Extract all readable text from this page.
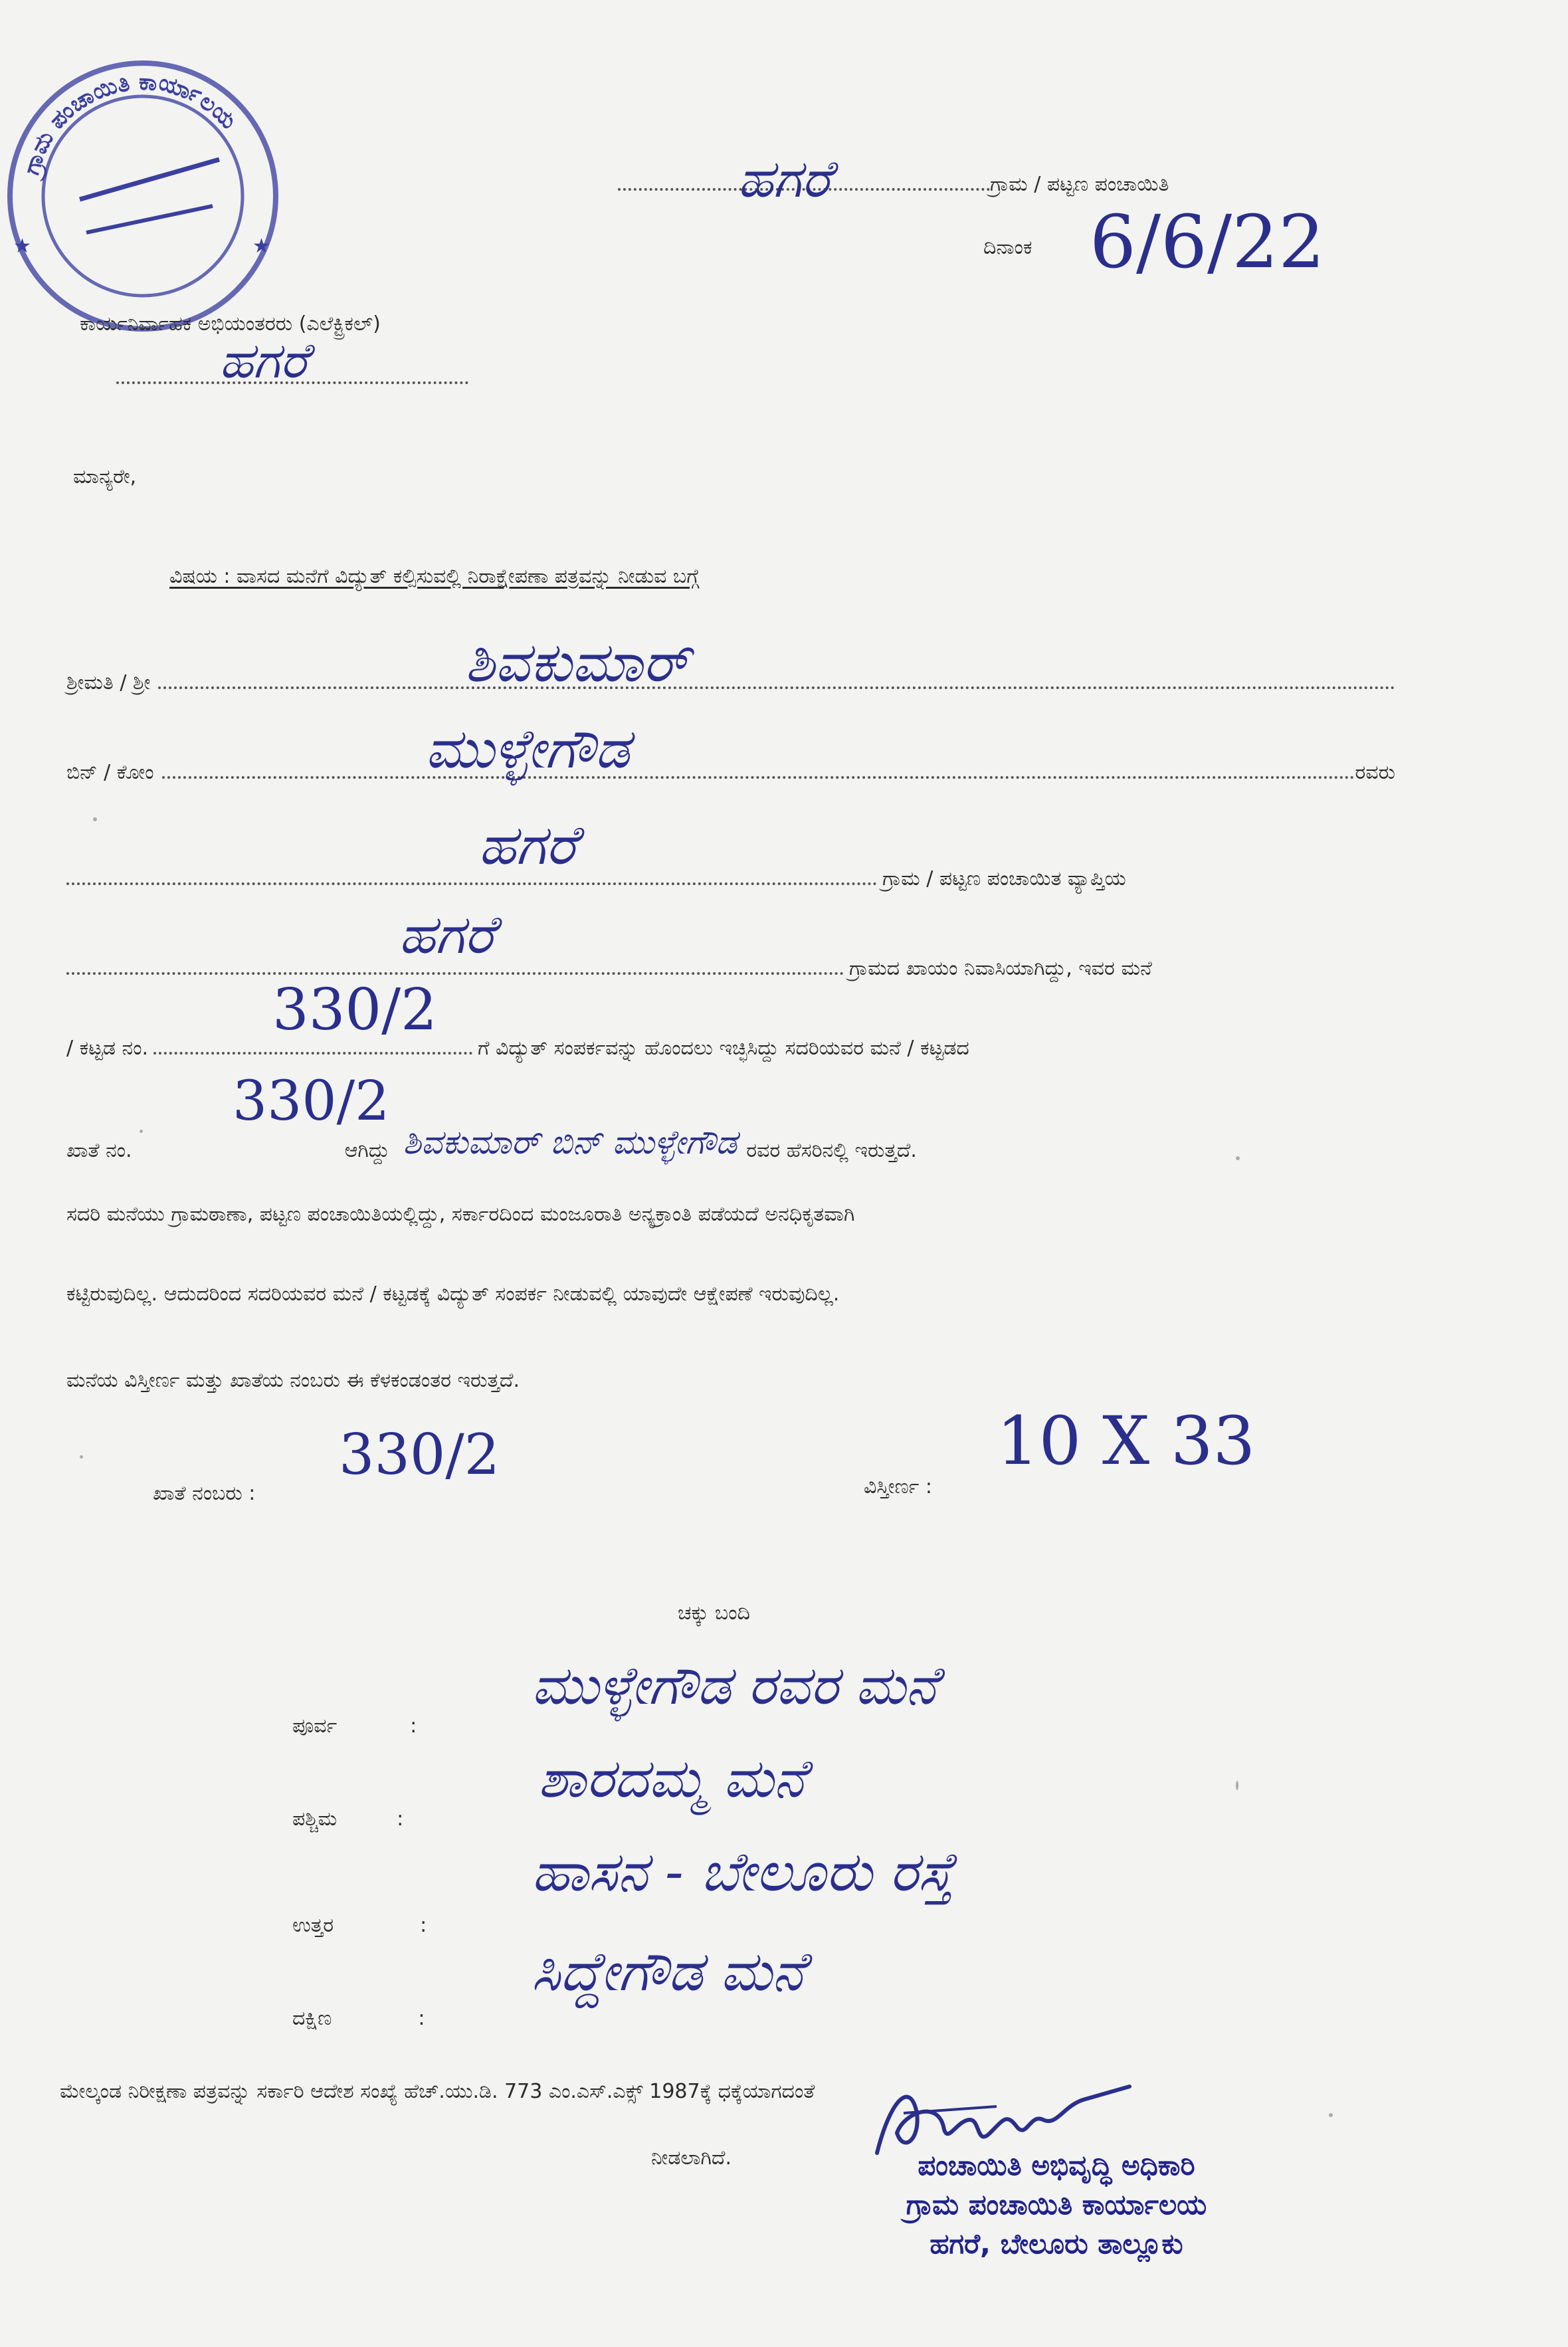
ಗ್ರಾಮ ಪಂಚಾಯಿತಿ ಕಾರ್ಯಾಲಯ
★
★
ಗ್ರಾಮ / ಪಟ್ಟಣ ಪಂಚಾಯಿತಿ
ಹಗರೆ
ದಿನಾಂಕ 6/6/22
ಕಾರ್ಯನಿರ್ವಾಹಕ ಅಭಿಯಂತರರು (ಎಲೆಕ್ಟ್ರಿಕಲ್)
ಹಗರೆ
ಮಾನ್ಯರೇ,
ವಿಷಯ : ವಾಸದ ಮನೆಗೆ ವಿದ್ಯುತ್ ಕಲ್ಪಿಸುವಲ್ಲಿ ನಿರಾಕ್ಷೇಪಣಾ ಪತ್ರವನ್ನು ನೀಡುವ ಬಗ್ಗೆ
ಶ್ರೀಮತಿ / ಶ್ರೀ	ಶಿವಕುಮಾರ್
ಬಿನ್ / ಕೋಂ	ರವರು
ಮುಳ್ಳೇಗೌಡ
ಗ್ರಾಮ / ಪಟ್ಟಣ ಪಂಚಾಯಿತ ವ್ಯಾಪ್ತಿಯ
ಹಗರೆ
ಗ್ರಾಮದ ಖಾಯಂ ನಿವಾಸಿಯಾಗಿದ್ದು, ಇವರ ಮನೆ
ಹಗರೆ
/ ಕಟ್ಟಡ ನಂ.	ಗೆ ವಿದ್ಯುತ್ ಸಂಪರ್ಕವನ್ನು ಹೊಂದಲು ಇಚ್ಛಿಸಿದ್ದು ಸದರಿಯವರ ಮನೆ / ಕಟ್ಟಡದ
330/2
ಖಾತೆ ನಂ.	ಆಗಿದ್ದು ಶಿವಕುಮಾರ್ ಬಿನ್ ಮುಳ್ಳೇಗೌಡ ರವರ ಹೆಸರಿನಲ್ಲಿ ಇರುತ್ತದೆ.
330/2
ಸದರಿ ಮನೆಯು ಗ್ರಾಮಠಾಣಾ, ಪಟ್ಟಣ ಪಂಚಾಯಿತಿಯಲ್ಲಿದ್ದು, ಸರ್ಕಾರದಿಂದ ಮಂಜೂರಾತಿ ಅನ್ಯಕ್ರಾಂತಿ ಪಡೆಯದೆ ಅನಧಿಕೃತವಾಗಿ
ಕಟ್ಟಿರುವುದಿಲ್ಲ. ಆದುದರಿಂದ ಸದರಿಯವರ ಮನೆ / ಕಟ್ಟಡಕ್ಕೆ ವಿದ್ಯುತ್ ಸಂಪರ್ಕ ನೀಡುವಲ್ಲಿ ಯಾವುದೇ ಆಕ್ಷೇಪಣೆ ಇರುವುದಿಲ್ಲ.
ಮನೆಯ ವಿಸ್ತೀರ್ಣ ಮತ್ತು ಖಾತೆಯ ನಂಬರು ಈ ಕೆಳಕಂಡಂತರ ಇರುತ್ತದೆ.
ಖಾತೆ ನಂಬರು :
330/2	ವಿಸ್ತೀರ್ಣ :
10 X 33
ಚಕ್ಕು ಬಂದಿ
ಪೂರ್ವ	:
ಮುಳ್ಳೇಗೌಡ ರವರ ಮನೆ
ಪಶ್ಚಿಮ	:
ಶಾರದಮ್ಮ ಮನೆ
ಉತ್ತರ	:
ಹಾಸನ - ಬೇಲೂರು ರಸ್ತೆ
ದಕ್ಷಿಣ	:
ಸಿದ್ದೇಗೌಡ ಮನೆ
ಮೇಲ್ಕಂಡ ನಿರೀಕ್ಷಣಾ ಪತ್ರವನ್ನು ಸರ್ಕಾರಿ ಆದೇಶ ಸಂಖ್ಯೆ ಹೆಚ್.ಯು.ಡಿ. 773 ಎಂ.ಎಸ್.ಎಕ್ಸ್ 1987ಕ್ಕೆ ಧಕ್ಕೆಯಾಗದಂತೆ
ನೀಡಲಾಗಿದೆ.	ಪಂಚಾಯಿತಿ ಅಭಿವೃದ್ಧಿ ಅಧಿಕಾರಿ
ಗ್ರಾಮ ಪಂಚಾಯಿತಿ ಕಾರ್ಯಾಲಯ
ಹಗರೆ, ಬೇಲೂರು ತಾಲ್ಲೂಕು
